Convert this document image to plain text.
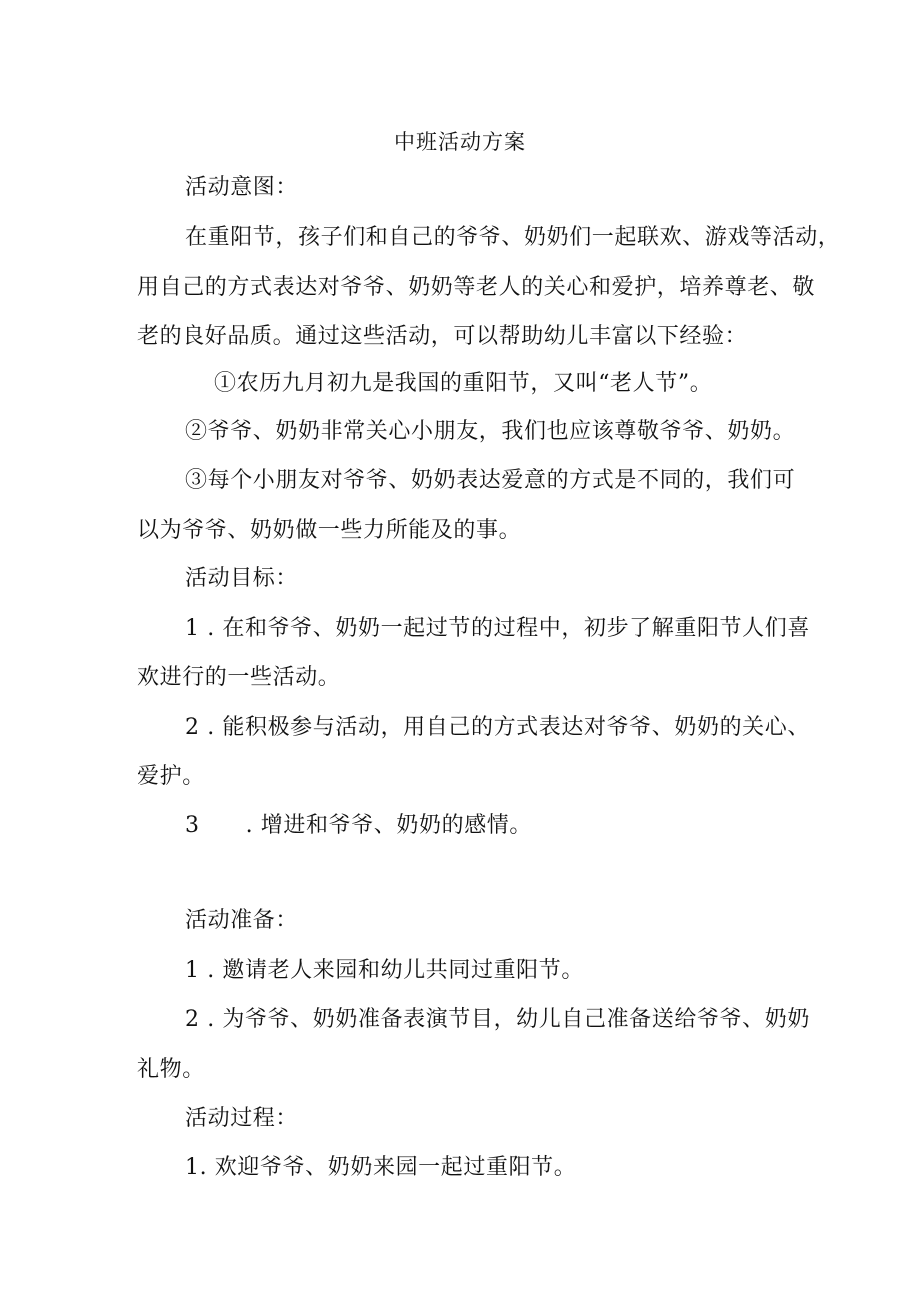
中班活动方案
活动意图：
在重阳节，孩子们和自己的爷爷、奶奶们一起联欢、游戏等活动，
用自己的方式表达对爷爷、奶奶等老人的关心和爱护，培养尊老、敬
老的良好品质。通过这些活动，可以帮助幼儿丰富以下经验：
①农历九月初九是我国的重阳节，又叫“老人节”。
②爷爷、奶奶非常关心小朋友，我们也应该尊敬爷爷、奶奶。
③每个小朋友对爷爷、奶奶表达爱意的方式是不同的，我们可
以为爷爷、奶奶做一些力所能及的事。
活动目标：
1 . 在和爷爷、奶奶一起过节的过程中，初步了解重阳节人们喜
欢进行的一些活动。
2 . 能积极参与活动，用自己的方式表达对爷爷、奶奶的关心、
爱护。
3 . 增进和爷爷、奶奶的感情。
活动准备：
1 . 邀请老人来园和幼儿共同过重阳节。
2 . 为爷爷、奶奶准备表演节目，幼儿自己准备送给爷爷、奶奶
礼物。
活动过程：
1. 欢迎爷爷、奶奶来园一起过重阳节。
